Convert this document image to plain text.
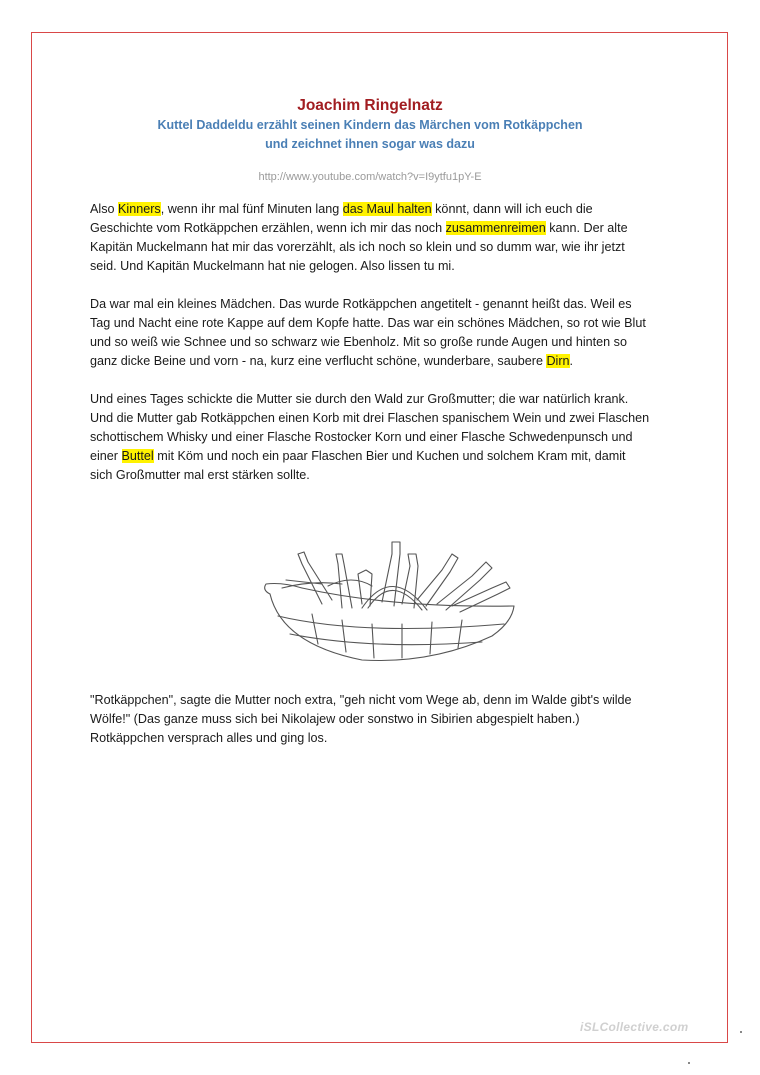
Joachim Ringelnatz

Kuttel Daddeldu erzählt seinen Kindern das Märchen vom Rotkäppchen

und zeichnet ihnen sogar was dazu

http://www.youtube.com/watch?v=I9ytfu1pY-E

Also Kinners, wenn ihr mal fünf Minuten lang das Maul halten könnt, dann will ich euch die Geschichte vom Rotkäppchen erzählen, wenn ich mir das noch zusammenreimen kann. Der alte Kapitän Muckelmann hat mir das vorerzählt, als ich noch so klein und so dumm war, wie ihr jetzt seid. Und Kapitän Muckelmann hat nie gelogen. Also lissen tu mi.

Da war mal ein kleines Mädchen. Das wurde Rotkäppchen angetitelt - genannt heißt das. Weil es Tag und Nacht eine rote Kappe auf dem Kopfe hatte. Das war ein schönes Mädchen, so rot wie Blut und so weiß wie Schnee und so schwarz wie Ebenholz. Mit so große runde Augen und hinten so ganz dicke Beine und vorn - na, kurz eine verflucht schöne, wunderbare, saubere Dirn.

Und eines Tages schickte die Mutter sie durch den Wald zur Großmutter; die war natürlich krank. Und die Mutter gab Rotkäppchen einen Korb mit drei Flaschen spanischem Wein und zwei Flaschen schottischem Whisky und einer Flasche Rostocker Korn und einer Flasche Schwedenpunsch und einer Buttel mit Köm und noch ein paar Flaschen Bier und Kuchen und solchem Kram mit, damit sich Großmutter mal erst stärken sollte.

"Rotkäppchen", sagte die Mutter noch extra, "geh nicht vom Wege ab, denn im Walde gibt's wilde Wölfe!" (Das ganze muss sich bei Nikolajew oder sonstwo in Sibirien abgespielt haben.) Rotkäppchen versprach alles und ging los.

iSLCollective.com
